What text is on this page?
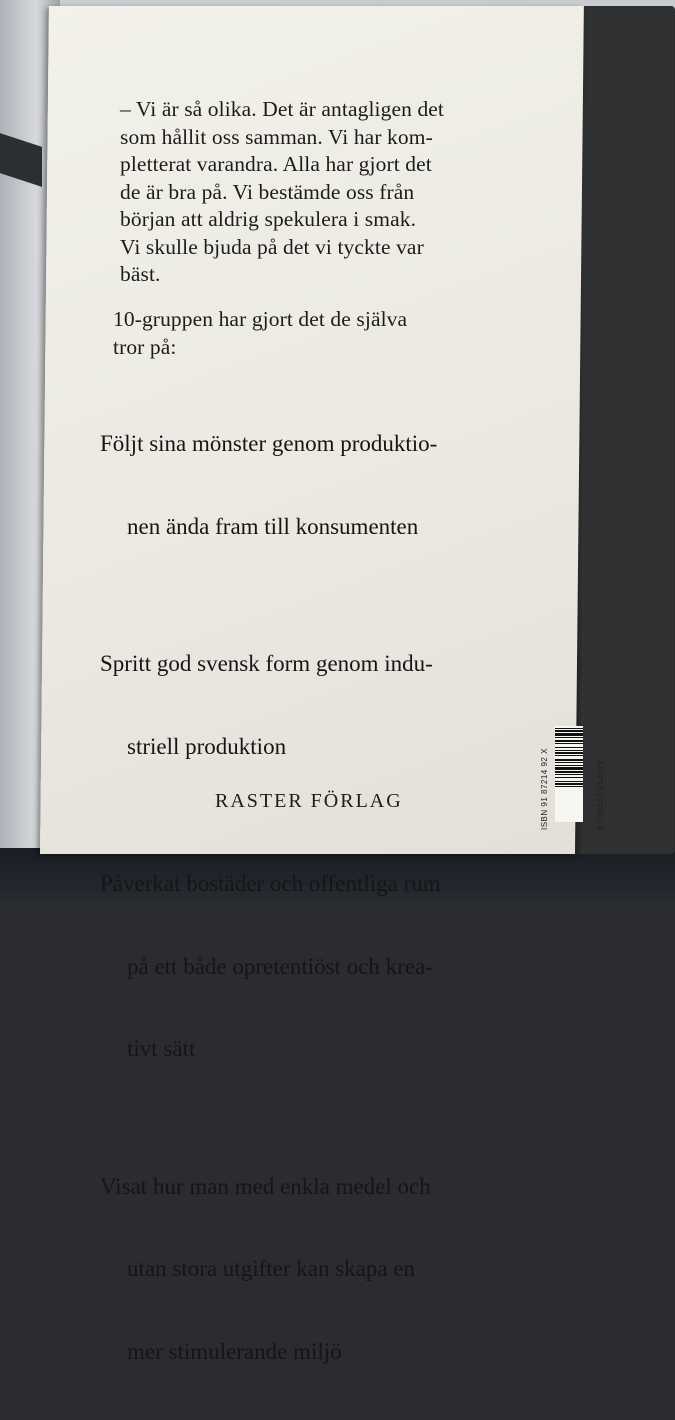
– Vi är så olika. Det är antagligen det
som hållit oss samman. Vi har kom-
pletterat varandra. Alla har gjort det
de är bra på. Vi bestämde oss från
början att aldrig spekulera i smak.
Vi skulle bjuda på det vi tyckte var
bäst.
10-gruppen har gjort det de själva
tror på:

Följt sina mönster genom produktio-

nen ända fram till konsumenten

Spritt god svensk form genom indu-

striell produktion

Påverkat bostäder och offentliga rum

på ett både opretentiöst och krea-

tivt sätt

Visat hur man med enkla medel och

utan stora utgifter kan skapa en

mer stimulerande miljö

RASTER FÖRLAG	ISBN 91 87214 92 X	9 789187 214929
